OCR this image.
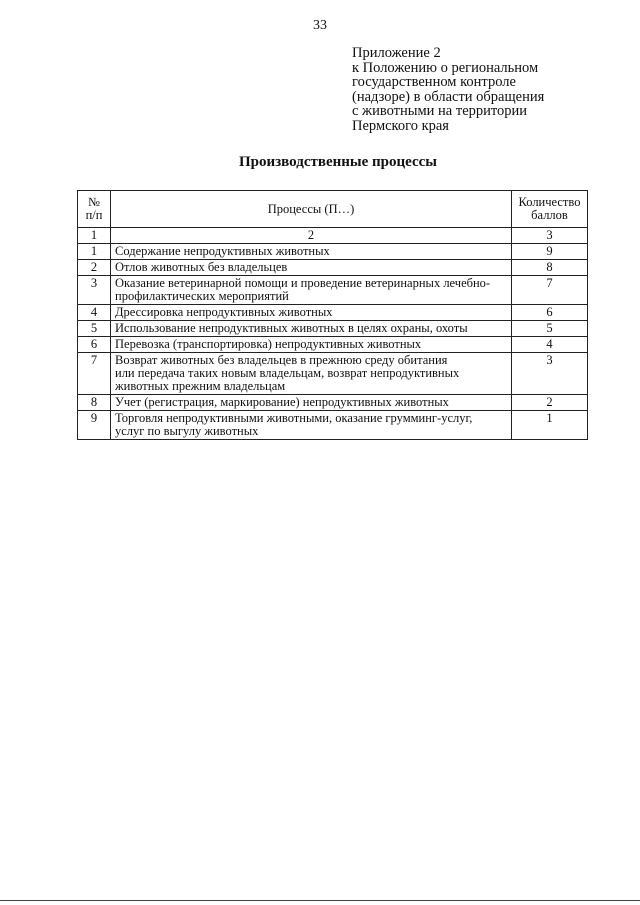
33
Приложение 2
к Положению о региональном
государственном контроле
(надзоре) в области обращения
с животными на территории
Пермского края
Производственные процессы
№
п/п	Процессы (П…)	Количество
баллов
1	2	3
1	Содержание непродуктивных животных	9
2	Отлов животных без владельцев	8
3	Оказание ветеринарной помощи и проведение ветеринарных лечебно-
профилактических мероприятий	7
4	Дрессировка непродуктивных животных	6
5	Использование непродуктивных животных в целях охраны, охоты	5
6	Перевозка (транспортировка) непродуктивных животных	4
7	Возврат животных без владельцев в прежнюю среду обитания
или передача таких новым владельцам, возврат непродуктивных
животных прежним владельцам	3
8	Учет (регистрация, маркирование) непродуктивных животных	2
9	Торговля непродуктивными животными, оказание грумминг-услуг,
услуг по выгулу животных	1
